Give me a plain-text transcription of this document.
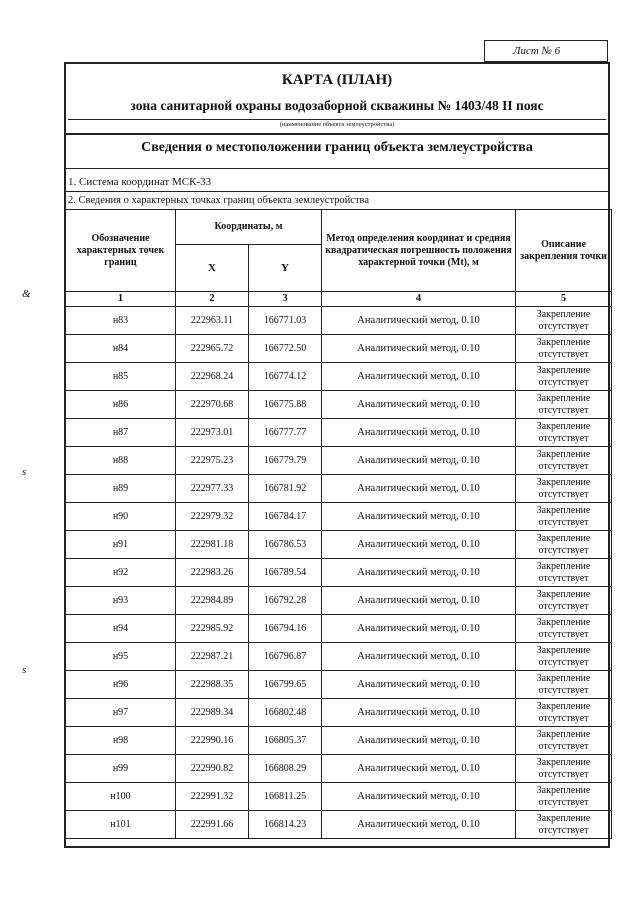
Лист № 6
&
s
s
КАРТА (ПЛАН)
зона санитарной охраны водозаборной скважины № 1403/48 II пояс
(наименование объекта землеустройства)
Сведения о местоположении границ объекта землеустройства
1. Система координат МСК-33
2. Сведения о характерных точках границ объекта землеустройства
Обозначение характерных точек границ	Координаты, м		Метод определения координат и средняя квадратическая погрешность положения характерной точки (Mt), м	Описание закрепления точки
	X	Y		
1	2	3	4	5
н83	222963.11	166771.03	Аналитический метод, 0.10	Закрепление отсутствует
н84	222965.72	166772.50	Аналитический метод, 0.10	Закрепление отсутствует
н85	222968.24	166774.12	Аналитический метод, 0.10	Закрепление отсутствует
н86	222970.68	166775.88	Аналитический метод, 0.10	Закрепление отсутствует
н87	222973.01	166777.77	Аналитический метод, 0.10	Закрепление отсутствует
н88	222975.23	166779.79	Аналитический метод, 0.10	Закрепление отсутствует
н89	222977.33	166781.92	Аналитический метод, 0.10	Закрепление отсутствует
н90	222979.32	166784.17	Аналитический метод, 0.10	Закрепление отсутствует
н91	222981.18	166786.53	Аналитический метод, 0.10	Закрепление отсутствует
н92	222983.26	166789.54	Аналитический метод, 0.10	Закрепление отсутствует
н93	222984.89	166792.28	Аналитический метод, 0.10	Закрепление отсутствует
н94	222985.92	166794.16	Аналитический метод, 0.10	Закрепление отсутствует
н95	222987.21	166796.87	Аналитический метод, 0.10	Закрепление отсутствует
н96	222988.35	166799.65	Аналитический метод, 0.10	Закрепление отсутствует
н97	222989.34	166802.48	Аналитический метод, 0.10	Закрепление отсутствует
н98	222990.16	166805.37	Аналитический метод, 0.10	Закрепление отсутствует
н99	222990.82	166808.29	Аналитический метод, 0.10	Закрепление отсутствует
н100	222991.32	166811.25	Аналитический метод, 0.10	Закрепление отсутствует
н101	222991.66	166814.23	Аналитический метод, 0.10	Закрепление отсутствует
